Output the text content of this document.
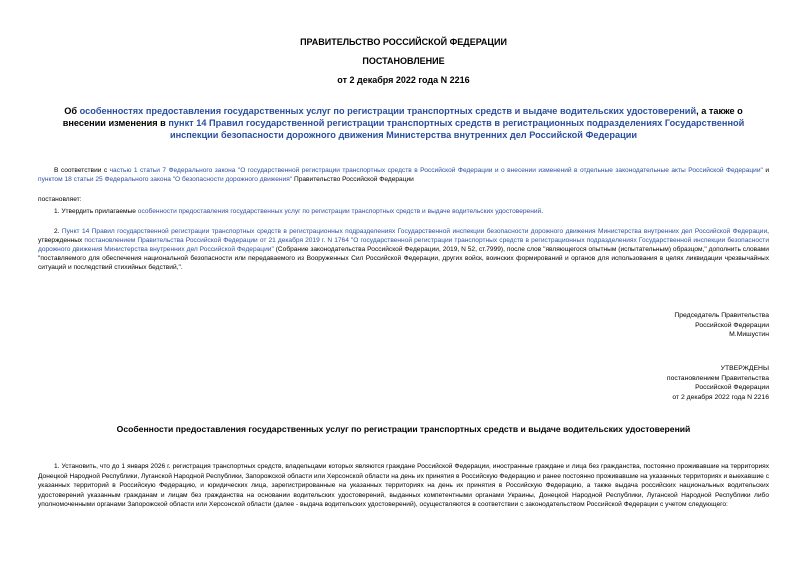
ПРАВИТЕЛЬСТВО РОССИЙСКОЙ ФЕДЕРАЦИИ
ПОСТАНОВЛЕНИЕ
от 2 декабря 2022 года N 2216
Об особенностях предоставления государственных услуг по регистрации транспортных средств и выдаче водительских удостоверений, а также о внесении изменения в пункт 14 Правил государственной регистрации транспортных средств в регистрационных подразделениях Государственной инспекции безопасности дорожного движения Министерства внутренних дел Российской Федерации
В соответствии с частью 1 статьи 7 Федерального закона "О государственной регистрации транспортных средств в Российской Федерации и о внесении изменений в отдельные законодательные акты Российской Федерации" и пунктом 18 статьи 25 Федерального закона "О безопасности дорожного движения" Правительство Российской Федерации
постановляет:
1. Утвердить прилагаемые особенности предоставления государственных услуг по регистрации транспортных средств и выдаче водительских удостоверений.
2. Пункт 14 Правил государственной регистрации транспортных средств в регистрационных подразделениях Государственной инспекции безопасности дорожного движения Министерства внутренних дел Российской Федерации, утвержденных постановлением Правительства Российской Федерации от 21 декабря 2019 г. N 1764 "О государственной регистрации транспортных средств в регистрационных подразделениях Государственной инспекции безопасности дорожного движения Министерства внутренних дел Российской Федерации" (Собрание законодательства Российской Федерации, 2019, N 52, ст.7999), после слов "являющегося опытным (испытательным) образцом," дополнить словами "поставляемого для обеспечения национальной безопасности или передаваемого из Вооруженных Сил Российской Федерации, других войск, воинских формирований и органов для использования в целях ликвидации чрезвычайных ситуаций и последствий стихийных бедствий,".
Председатель Правительства
Российской Федерации
М.Мишустин
УТВЕРЖДЕНЫ
постановлением Правительства
Российской Федерации
от 2 декабря 2022 года N 2216
Особенности предоставления государственных услуг по регистрации транспортных средств и выдаче водительских удостоверений
1. Установить, что до 1 января 2026 г. регистрация транспортных средств, владельцами которых являются граждане Российской Федерации, иностранные граждане и лица без гражданства, постоянно проживавшие на территориях Донецкой Народной Республики, Луганской Народной Республики, Запорожской области или Херсонской области на день их принятия в Российскую Федерацию и ранее постоянно проживавшие на указанных территориях и выехавшие с указанных территорий в Российскую Федерацию, и юридических лица, зарегистрированные на указанных территориях на день их принятия в Российскую Федерацию, а также выдача российских национальных водительских удостоверений указанным гражданам и лицам без гражданства на основании водительских удостоверений, выданных компетентными органами Украины, Донецкой Народной Республики, Луганской Народной Республики либо уполномоченными органами Запорожской области или Херсонской области (далее - выдача водительских удостоверений), осуществляются в соответствии с законодательством Российской Федерации с учетом следующего:
